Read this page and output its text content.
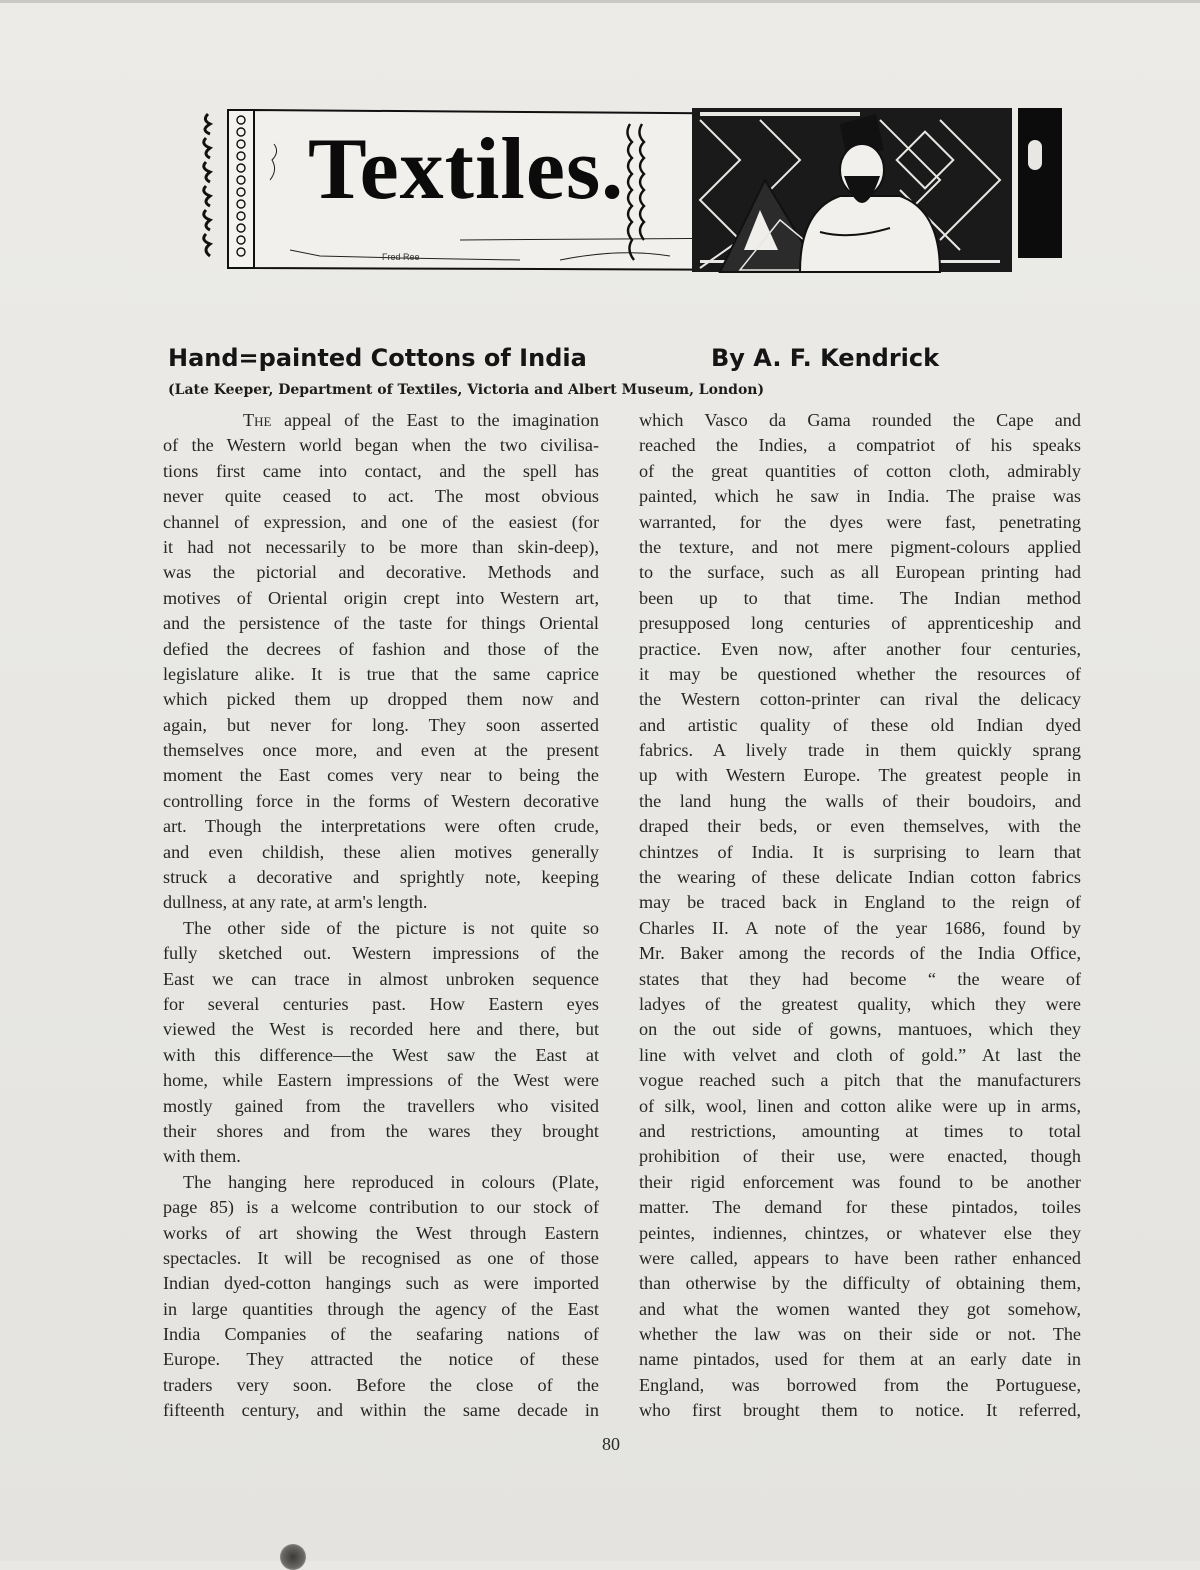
Textiles.
Fred Ree
Hand=painted Cottons of India	By A. F. Kendrick
(Late Keeper, Department of Textiles, Victoria and Albert Museum, London)
The appeal of the East to the imagination
of the Western world began when the two civilisa-
tions first came into contact, and the spell has
never quite ceased to act. The most obvious
channel of expression, and one of the easiest (for
it had not necessarily to be more than skin-deep),
was the pictorial and decorative. Methods and
motives of Oriental origin crept into Western art,
and the persistence of the taste for things Oriental
defied the decrees of fashion and those of the
legislature alike. It is true that the same caprice
which picked them up dropped them now and
again, but never for long. They soon asserted
themselves once more, and even at the present
moment the East comes very near to being the
controlling force in the forms of Western decorative
art. Though the interpretations were often crude,
and even childish, these alien motives generally
struck a decorative and sprightly note, keeping
dullness, at any rate, at arm's length.
The other side of the picture is not quite so
fully sketched out. Western impressions of the
East we can trace in almost unbroken sequence
for several centuries past. How Eastern eyes
viewed the West is recorded here and there, but
with this difference—the West saw the East at
home, while Eastern impressions of the West were
mostly gained from the travellers who visited
their shores and from the wares they brought
with them.
The hanging here reproduced in colours (Plate,
page 85) is a welcome contribution to our stock of
works of art showing the West through Eastern
spectacles. It will be recognised as one of those
Indian dyed-cotton hangings such as were imported
in large quantities through the agency of the East
India Companies of the seafaring nations of
Europe. They attracted the notice of these
traders very soon. Before the close of the
fifteenth century, and within the same decade in
which Vasco da Gama rounded the Cape and
reached the Indies, a compatriot of his speaks
of the great quantities of cotton cloth, admirably
painted, which he saw in India. The praise was
warranted, for the dyes were fast, penetrating
the texture, and not mere pigment-colours applied
to the surface, such as all European printing had
been up to that time. The Indian method
presupposed long centuries of apprenticeship and
practice. Even now, after another four centuries,
it may be questioned whether the resources of
the Western cotton-printer can rival the delicacy
and artistic quality of these old Indian dyed
fabrics. A lively trade in them quickly sprang
up with Western Europe. The greatest people in
the land hung the walls of their boudoirs, and
draped their beds, or even themselves, with the
chintzes of India. It is surprising to learn that
the wearing of these delicate Indian cotton fabrics
may be traced back in England to the reign of
Charles II. A note of the year 1686, found by
Mr. Baker among the records of the India Office,
states that they had become “ the weare of
ladyes of the greatest quality, which they were
on the out side of gowns, mantuoes, which they
line with velvet and cloth of gold.” At last the
vogue reached such a pitch that the manufacturers
of silk, wool, linen and cotton alike were up in arms,
and restrictions, amounting at times to total
prohibition of their use, were enacted, though
their rigid enforcement was found to be another
matter. The demand for these pintados, toiles
peintes, indiennes, chintzes, or whatever else they
were called, appears to have been rather enhanced
than otherwise by the difficulty of obtaining them,
and what the women wanted they got somehow,
whether the law was on their side or not. The
name pintados, used for them at an early date in
England, was borrowed from the Portuguese,
who first brought them to notice. It referred,
80
